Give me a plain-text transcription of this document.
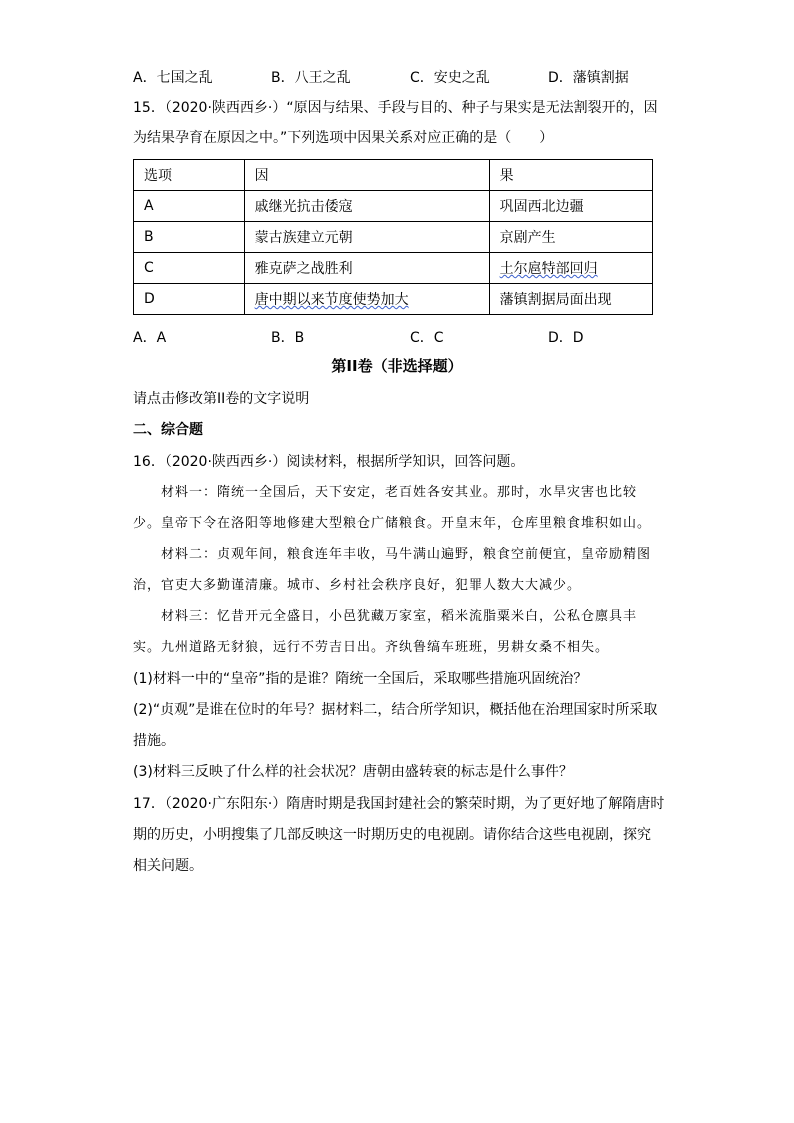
A．七国之乱	B．八王之乱	C．安史之乱	D．藩镇割据
15．（2020·陕西西乡·）“原因与结果、手段与目的、种子与果实是无法割裂开的，因
为结果孕育在原因之中。”下列选项中因果关系对应正确的是（　　）
选项	因	果
A	戚继光抗击倭寇	巩固西北边疆
B	蒙古族建立元朝	京剧产生
C	雅克萨之战胜利	土尔扈特部回归
D	唐中期以来节度使势加大	藩镇割据局面出现
A．A	B．B	C．C	D．D
第II卷（非选择题）
请点击修改第II卷的文字说明
二、综合题
16．（2020·陕西西乡·）阅读材料，根据所学知识，回答问题。
材料一：隋统一全国后，天下安定，老百姓各安其业。那时，水旱灾害也比较
少。皇帝下令在洛阳等地修建大型粮仓广储粮食。开皇末年，仓库里粮食堆积如山。
材料二：贞观年间，粮食连年丰收，马牛满山遍野，粮食空前便宜，皇帝励精图
治，官吏大多勤谨清廉。城市、乡村社会秩序良好，犯罪人数大大减少。
材料三：忆昔开元全盛日，小邑犹藏万家室，稻米流脂粟米白，公私仓廪具丰
实。九州道路无豺狼，远行不劳吉日出。齐纨鲁缟车班班，男耕女桑不相失。
(1)材料一中的“皇帝”指的是谁？隋统一全国后，采取哪些措施巩固统治？
(2)“贞观”是谁在位时的年号？据材料二，结合所学知识，概括他在治理国家时所采取
措施。
(3)材料三反映了什么样的社会状况？唐朝由盛转衰的标志是什么事件？
17．（2020·广东阳东·）隋唐时期是我国封建社会的繁荣时期，为了更好地了解隋唐时
期的历史，小明搜集了几部反映这一时期历史的电视剧。请你结合这些电视剧，探究
相关问题。
